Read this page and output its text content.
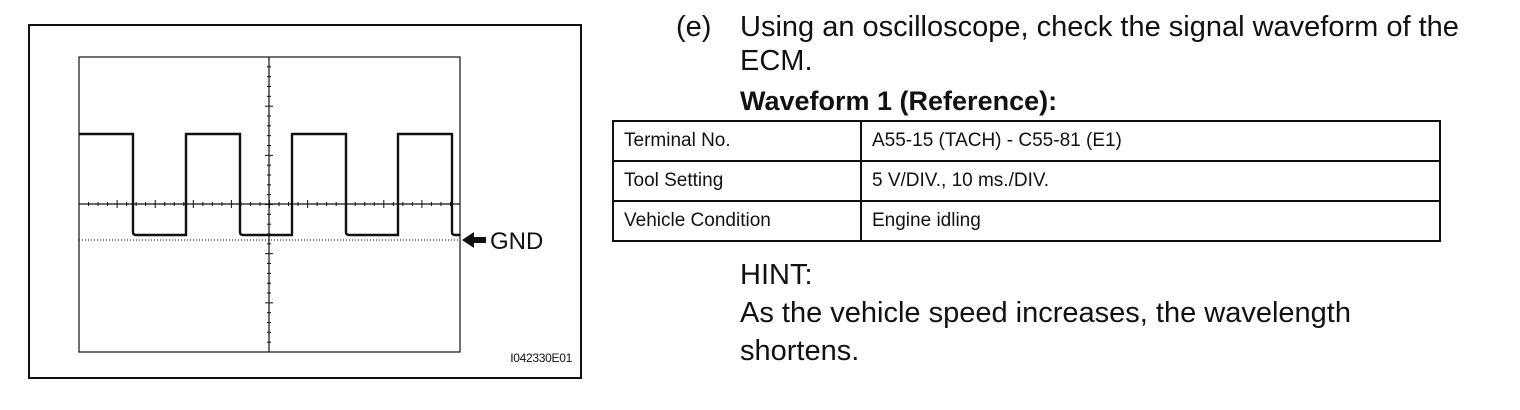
GND
I042330E01
(e) Using an oscilloscope, check the signal waveform of the ECM.
Waveform 1 (Reference):
Terminal No.	A55-15 (TACH) - C55-81 (E1)
Tool Setting	5 V/DIV., 10 ms./DIV.
Vehicle Condition	Engine idling
HINT:
As the vehicle speed increases, the wavelength shortens.
